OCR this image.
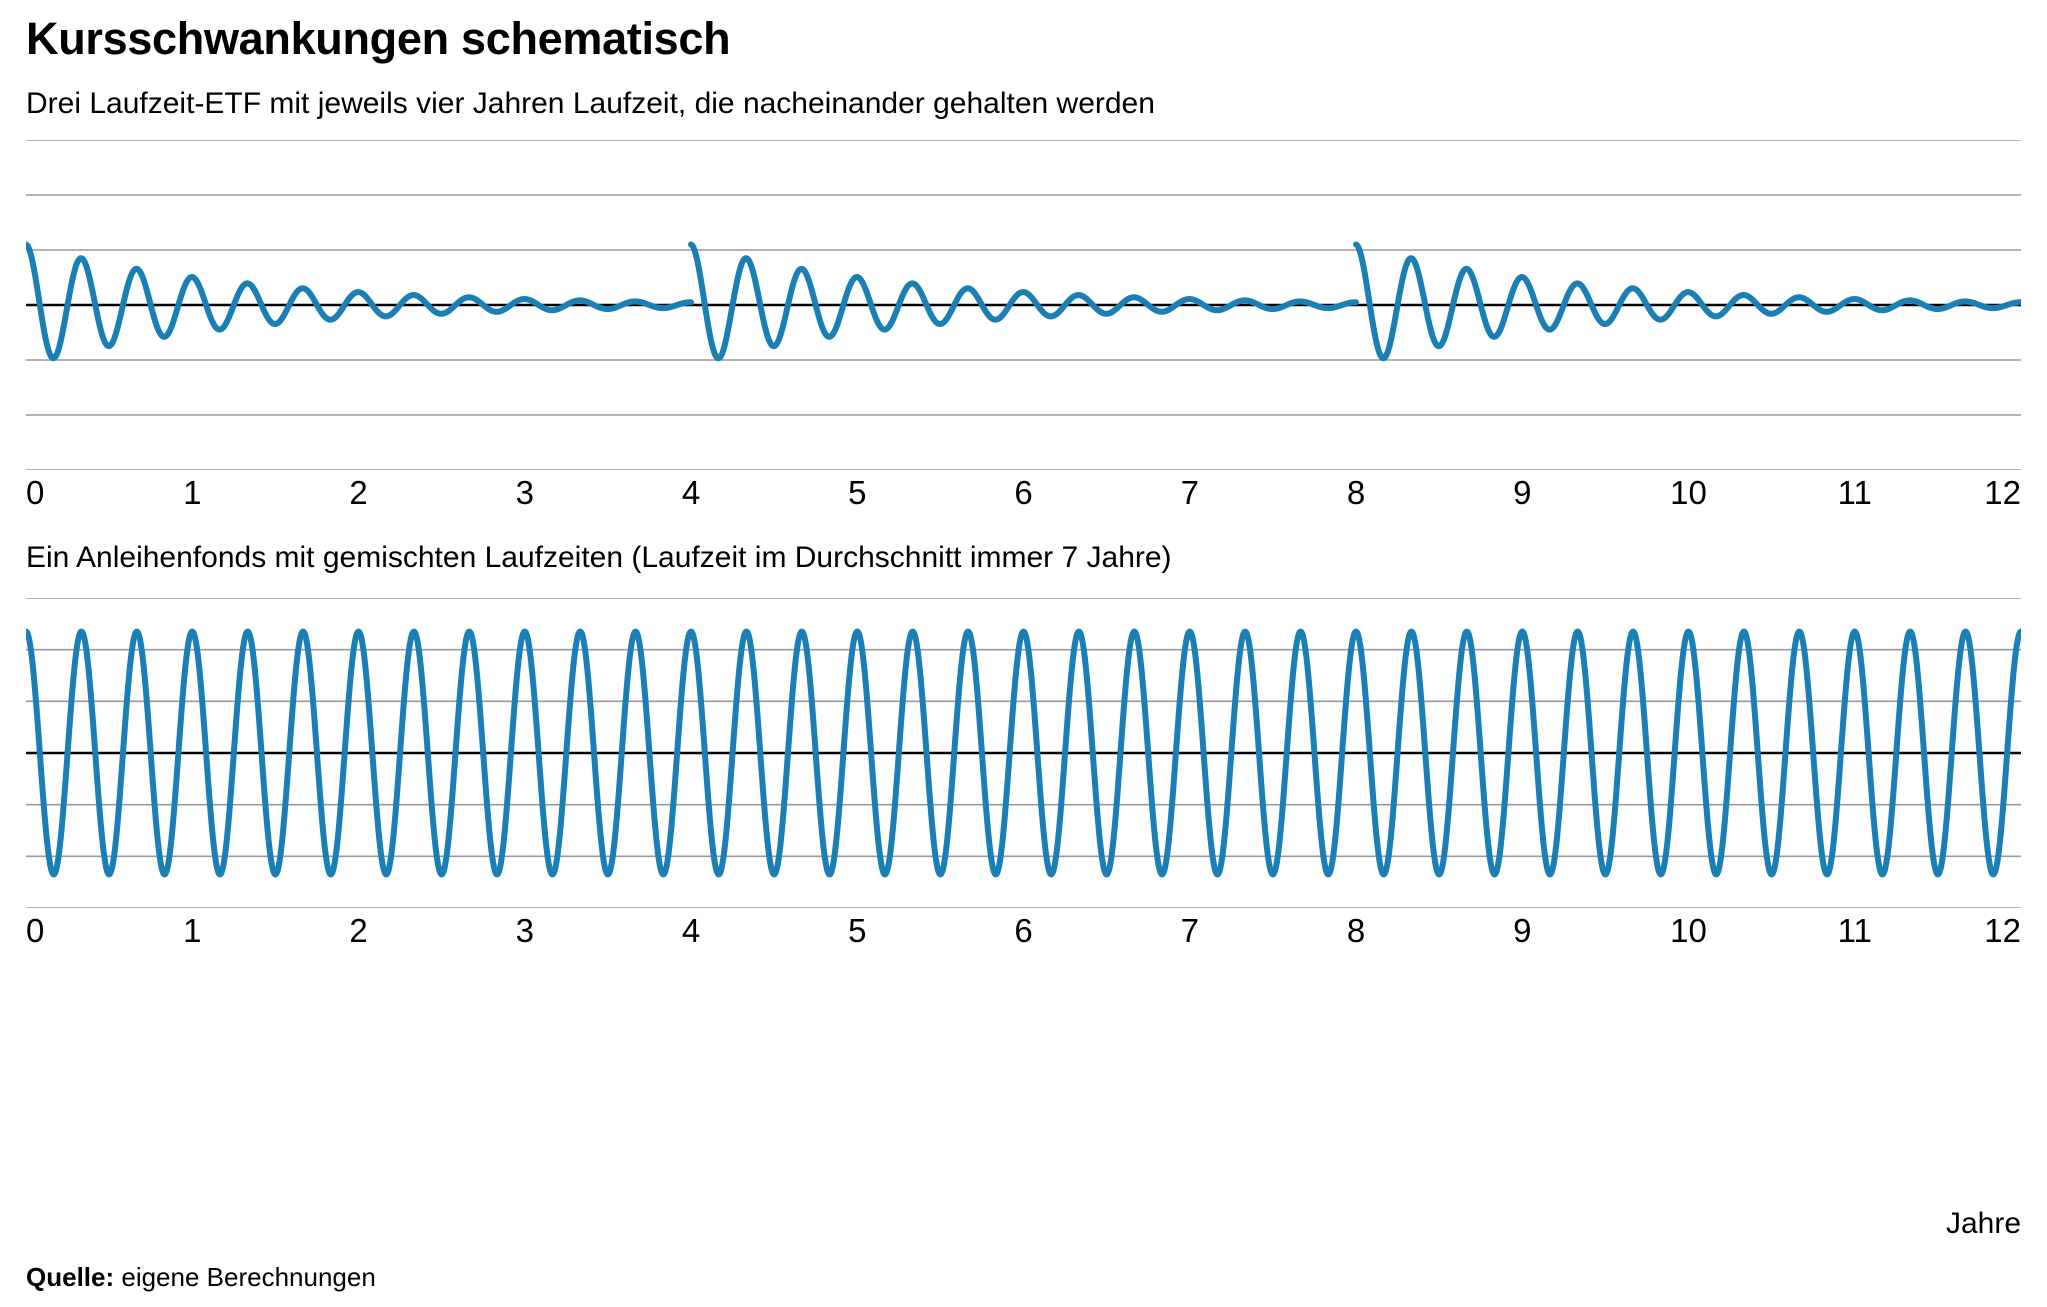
Kursschwankungen schematisch

Drei Laufzeit-ETF mit jeweils vier Jahren Laufzeit, die nacheinander gehalten werden

0	1	2	3	4	5	6	7	8	9	10	11	12

Ein Anleihenfonds mit gemischten Laufzeiten (Laufzeit im Durchschnitt immer 7 Jahre)

0	1	2	3	4	5	6	7	8	9	10	11	12
Jahre
Quelle: eigene Berechnungen
